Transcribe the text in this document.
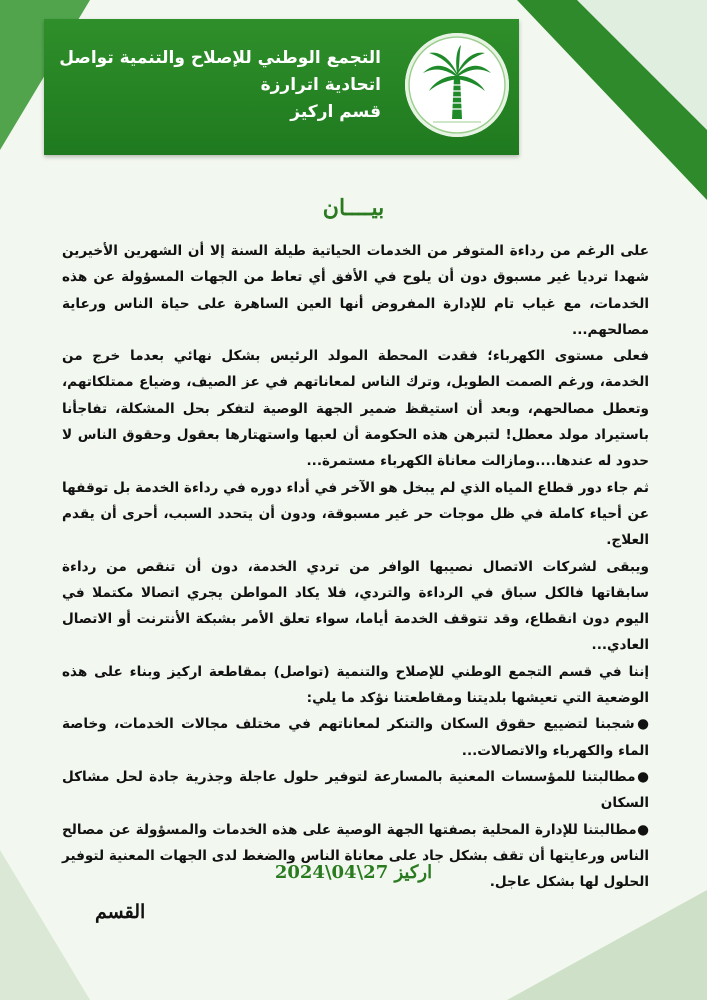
التجمع الوطني للإصلاح والتنمية تواصل
اتحادية اترارزة
قسم اركيز
بيــــان

على الرغم من رداءة المتوفر من الخدمات الحياتية طيلة السنة إلا أن الشهرين الأخيرين شهدا ترديا غير مسبوق دون أن يلوح في الأفق أي تعاط من الجهات المسؤولة عن هذه الخدمات، مع غياب تام للإدارة المفروض أنها العين الساهرة على حياة الناس ورعاية مصالحهم...

فعلى مستوى الكهرباء؛ فقدت المحطة المولد الرئيس بشكل نهائي بعدما خرج من الخدمة، ورغم الصمت الطويل، وترك الناس لمعاناتهم في عز الصيف، وضياع ممتلكاتهم، وتعطل مصالحهم، وبعد أن استيقظ ضمير الجهة الوصية لتفكر بحل المشكلة، تفاجأنا باستيراد مولد معطل! لتبرهن هذه الحكومة أن لعبها واستهتارها بعقول وحقوق الناس لا حدود له عندها....ومازالت معاناة الكهرباء مستمرة...

ثم جاء دور قطاع المياه الذي لم يبخل هو الآخر في أداء دوره في رداءة الخدمة بل توقفها عن أحياء كاملة في ظل موجات حر غير مسبوقة، ودون أن يتحدد السبب، أحرى أن يقدم العلاج.

ويبقى لشركات الاتصال نصيبها الوافر من تردي الخدمة، دون أن تنقص من رداءة سابقاتها فالكل سباق في الرداءة والتردي، فلا يكاد المواطن يجري اتصالا مكتملا في اليوم دون انقطاع، وقد تتوقف الخدمة أياما، سواء تعلق الأمر بشبكة الأنترنت أو الاتصال العادي...

إننا في قسم التجمع الوطني للإصلاح والتنمية (تواصل) بمقاطعة اركيز وبناء على هذه الوضعية التي تعيشها بلديتنا ومقاطعتنا نؤكد ما يلي:

●شجبنا لتضييع حقوق السكان والتنكر لمعاناتهم في مختلف مجالات الخدمات، وخاصة الماء والكهرباء والاتصالات...

●مطالبتنا للمؤسسات المعنية بالمسارعة لتوفير حلول عاجلة وجذرية جادة لحل مشاكل السكان

●مطالبتنا للإدارة المحلية بصفتها الجهة الوصية على هذه الخدمات والمسؤولة عن مصالح الناس ورعايتها أن تقف بشكل جاد على معاناة الناس والضغط لدى الجهات المعنية لتوفير الحلول لها بشكل عاجل.

اركيز 27\04\2024
القسم
